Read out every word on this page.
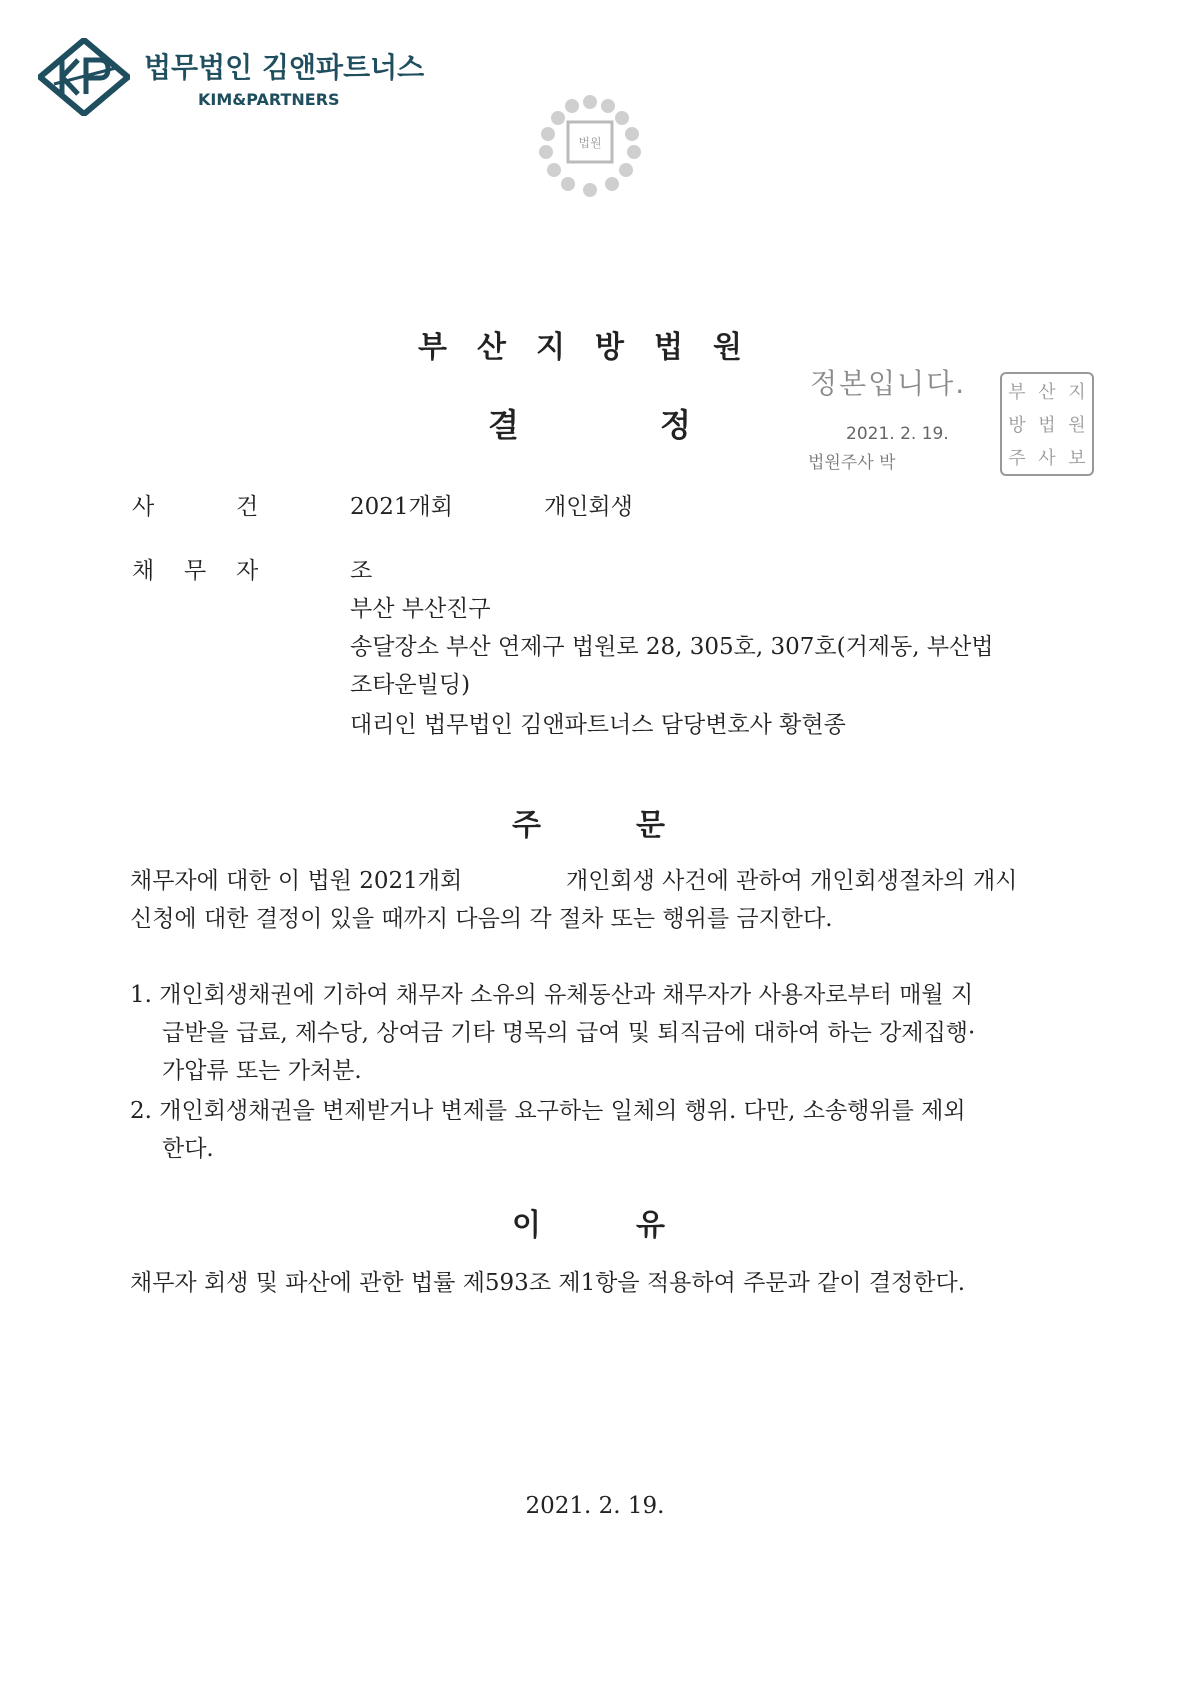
법무법인 김앤파트너스
KIM&PARTNERS
법원
정본입니다.
2021. 2. 19.
법원주사 박
부 산 지
방 법 원
주 사 보
부산지방법원
결	정
사	건	2021개회	개인회생
채 무 자	조
부산 부산진구
송달장소 부산 연제구 법원로 28, 305호, 307호(거제동, 부산법
조타운빌딩)
대리인 법무법인 김앤파트너스 담당변호사 황현종
주	문
채무자에 대한 이 법원 2021개회	개인회생 사건에 관하여 개인회생절차의 개시
신청에 대한 결정이 있을 때까지 다음의 각 절차 또는 행위를 금지한다.
1. 개인회생채권에 기하여 채무자 소유의 유체동산과 채무자가 사용자로부터 매월 지
급받을 급료, 제수당, 상여금 기타 명목의 급여 및 퇴직금에 대하여 하는 강제집행·
가압류 또는 가처분.
2. 개인회생채권을 변제받거나 변제를 요구하는 일체의 행위. 다만, 소송행위를 제외
한다.
이	유
채무자 회생 및 파산에 관한 법률 제593조 제1항을 적용하여 주문과 같이 결정한다.
2021. 2. 19.
